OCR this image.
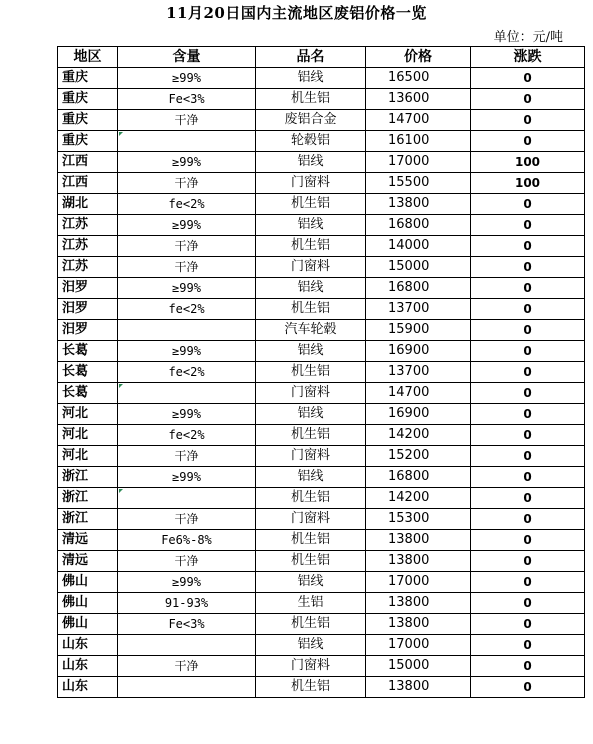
11月20日国内主流地区废铝价格一览
单位：元/吨
地区	含量	品名	价格	涨跌
重庆	≥99%	铝线	16500	0
重庆	Fe<3%	机生铝	13600	0
重庆	干净	废铝合金	14700	0
重庆		轮毂铝	16100	0
江西	≥99%	铝线	17000	100
江西	干净	门窗料	15500	100
湖北	fe<2%	机生铝	13800	0
江苏	≥99%	铝线	16800	0
江苏	干净	机生铝	14000	0
江苏	干净	门窗料	15000	0
汨罗	≥99%	铝线	16800	0
汨罗	fe<2%	机生铝	13700	0
汨罗		汽车轮毂	15900	0
长葛	≥99%	铝线	16900	0
长葛	fe<2%	机生铝	13700	0
长葛		门窗料	14700	0
河北	≥99%	铝线	16900	0
河北	fe<2%	机生铝	14200	0
河北	干净	门窗料	15200	0
浙江	≥99%	铝线	16800	0
浙江		机生铝	14200	0
浙江	干净	门窗料	15300	0
清远	Fe6%-8%	机生铝	13800	0
清远	干净	机生铝	13800	0
佛山	≥99%	铝线	17000	0
佛山	91-93%	生铝	13800	0
佛山	Fe<3%	机生铝	13800	0
山东		铝线	17000	0
山东	干净	门窗料	15000	0
山东		机生铝	13800	0
